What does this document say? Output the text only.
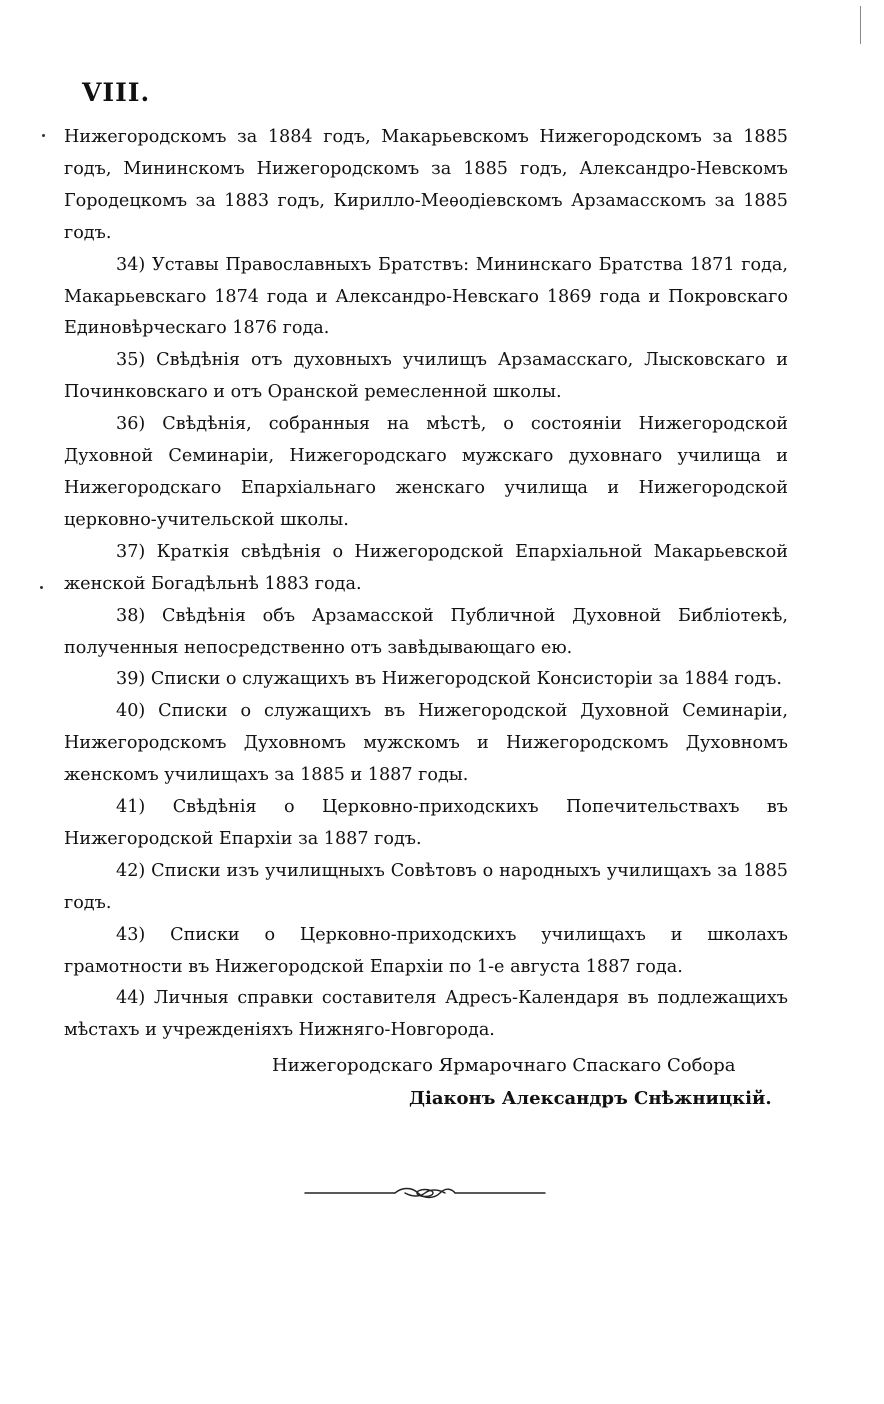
VIII.

Нижегородскомъ за 1884 годъ, Макарьевскомъ Нижегородскомъ за 1885 годъ, Мининскомъ Нижегородскомъ за 1885 годъ, Александро-Невскомъ Городецкомъ за 1883 годъ, Кирилло-Меѳодіевскомъ Арзамасскомъ за 1885 годъ.

34) Уставы Православныхъ Братствъ: Мининскаго Братства 1871 года, Макарьевскаго 1874 года и Александро-Невскаго 1869 года и Покровскаго Единовѣрческаго 1876 года.

35) Свѣдѣнія отъ духовныхъ училищъ Арзамасскаго, Лысковскаго и Починковскаго и отъ Оранской ремесленной школы.

36) Свѣдѣнія, собранныя на мѣстѣ, о состояніи Нижегородской Духовной Семинаріи, Нижегородскаго мужскаго духовнаго училища и Нижегородскаго Епархіальнаго женскаго училища и Нижегородской церковно-учительской школы.

37) Краткія свѣдѣнія о Нижегородской Епархіальной Макарьевской женской Богадѣльнѣ 1883 года.

38) Свѣдѣнія объ Арзамасской Публичной Духовной Библіотекѣ, полученныя непосредственно отъ завѣдывающаго ею.

39) Списки о служащихъ въ Нижегородской Консисторіи за 1884 годъ.

40) Списки о служащихъ въ Нижегородской Духовной Семинаріи, Нижегородскомъ Духовномъ мужскомъ и Нижегородскомъ Духовномъ женскомъ училищахъ за 1885 и 1887 годы.

41) Свѣдѣнія о Церковно-приходскихъ Попечительствахъ въ Нижегородской Епархіи за 1887 годъ.

42) Списки изъ училищныхъ Совѣтовъ о народныхъ училищахъ за 1885 годъ.

43) Списки о Церковно-приходскихъ училищахъ и школахъ грамотности въ Нижегородской Епархіи по 1-е августа 1887 года.

44) Личныя справки составителя Адресъ-Календаря въ подлежащихъ мѣстахъ и учрежденіяхъ Нижняго-Новгорода.

Нижегородскаго Ярмарочнаго Спаскаго Собора
Діаконъ Александръ Снѣжницкій.
